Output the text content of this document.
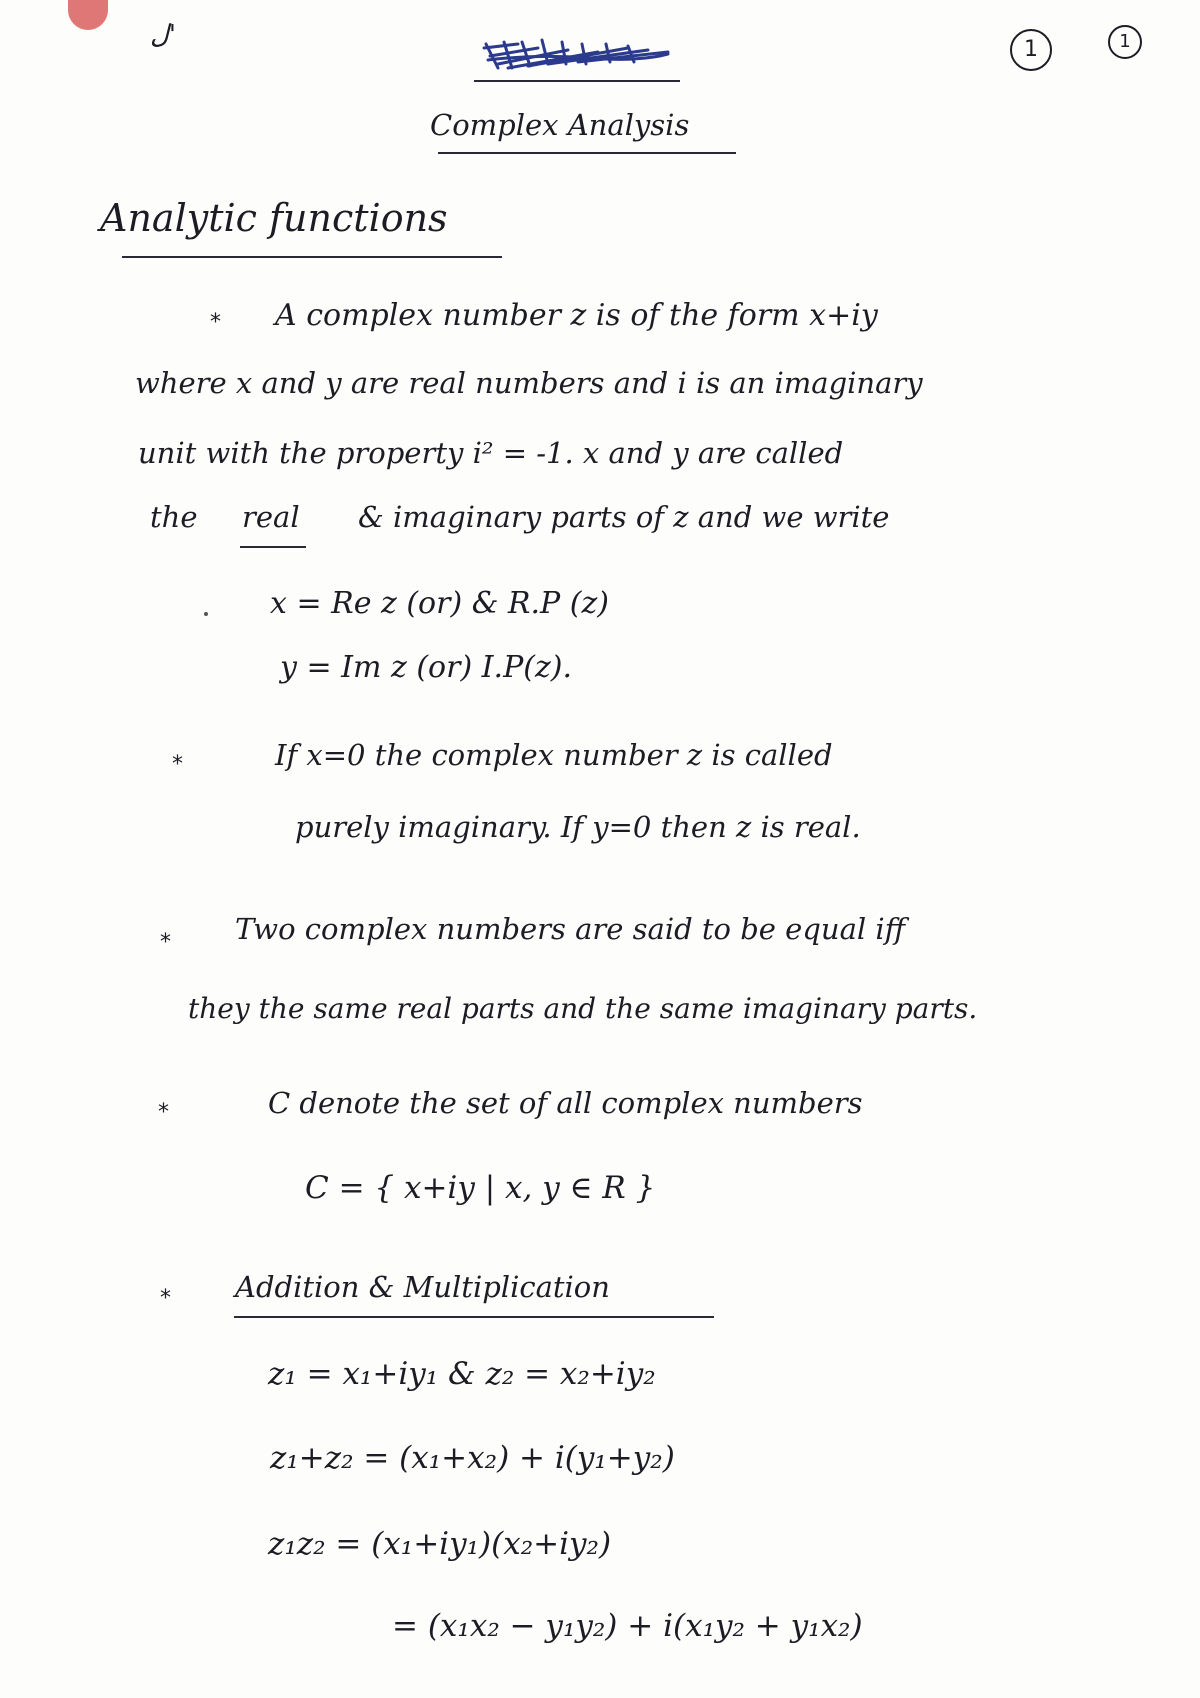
ل'	1	1
Complex Analysis
Analytic functions
* A complex number z is of the form x+iy
where x and y are real numbers and i is an imaginary
unit with the property i² = -1. x and y are called
the real & imaginary parts of z and we write
x = Re z (or) & R.P (z)
y = Im z (or) I.P(z).
*	If x=0 the complex number z is called
purely imaginary. If y=0 then z is real.
* Two complex numbers are said to be equal iff
they the same real parts and the same imaginary parts.
*	C denote the set of all complex numbers
C = { x+iy | x, y ∈ R }
* Addition & Multiplication
z₁ = x₁+iy₁ & z₂ = x₂+iy₂
z₁+z₂ = (x₁+x₂) + i(y₁+y₂)
z₁z₂ = (x₁+iy₁)(x₂+iy₂)
= (x₁x₂ − y₁y₂) + i(x₁y₂ + y₁x₂)
